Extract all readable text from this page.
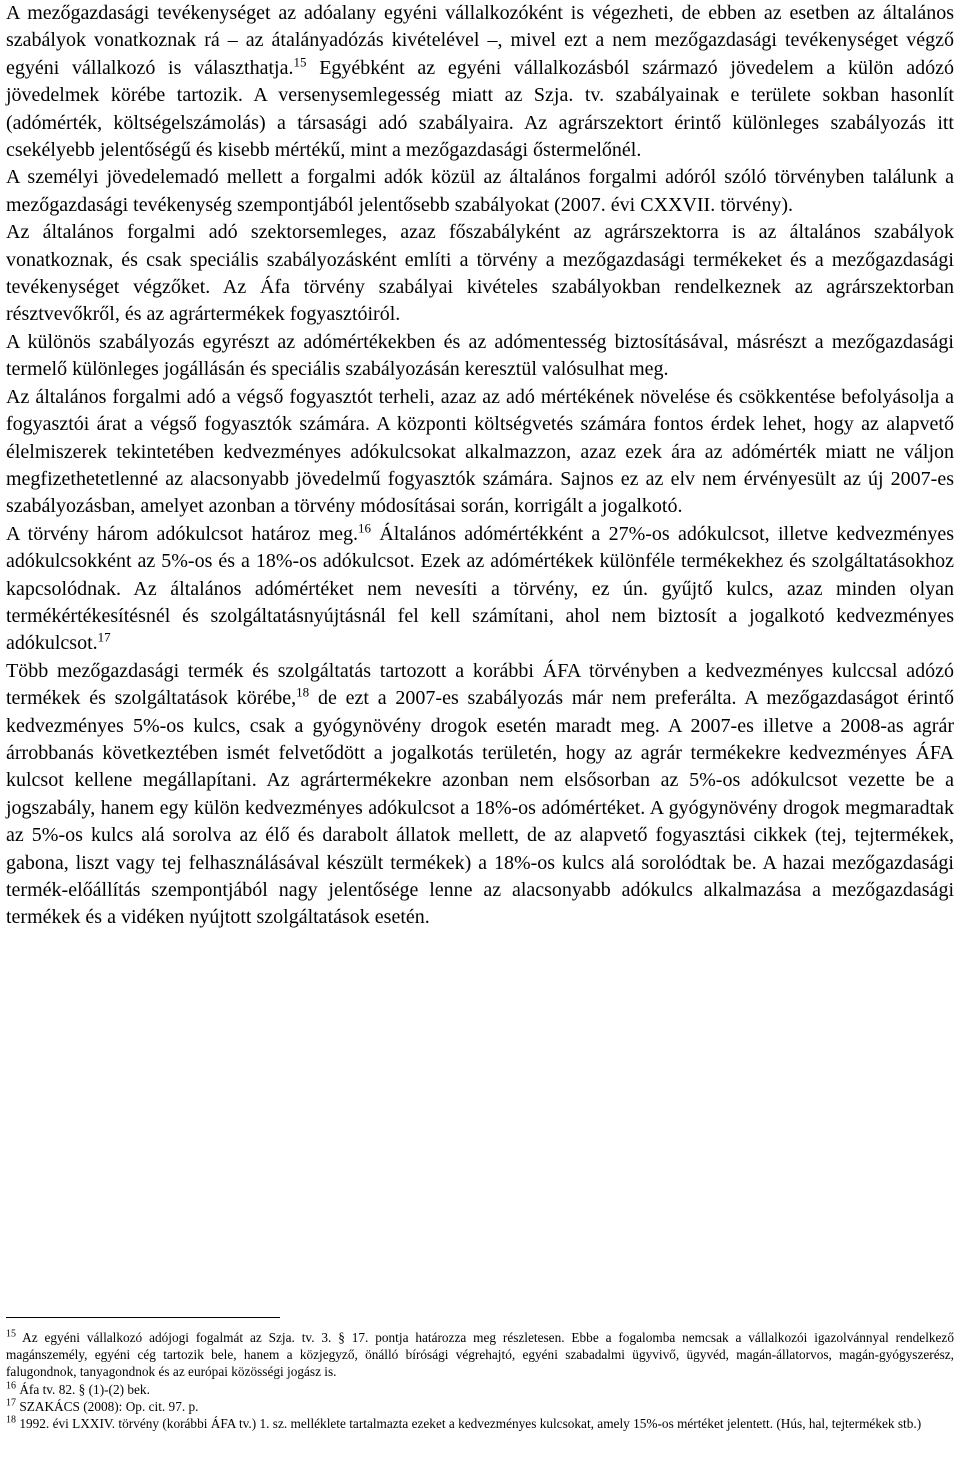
A mezőgazdasági tevékenységet az adóalany egyéni vállalkozóként is végezheti, de ebben az esetben az általános szabályok vonatkoznak rá – az átalányadózás kivételével –, mivel ezt a nem mezőgazdasági tevékenységet végző egyéni vállalkozó is választhatja.$^{15}$ Egyébként az egyéni vállalkozásból származó jövedelem a külön adózó jövedelmek körébe tartozik. A versenysemlegesség miatt az Szja. tv. szabályainak e területe sokban hasonlít (adómérték, költségelszámolás) a társasági adó szabályaira. Az agrárszektort érintő különleges szabályozás itt csekélyebb jelentőségű és kisebb mértékű, mint a mezőgazdasági őstermelőnél.

A személyi jövedelemadó mellett a forgalmi adók közül az általános forgalmi adóról szóló törvényben találunk a mezőgazdasági tevékenység szempontjából jelentősebb szabályokat (2007. évi CXXVII. törvény).

Az általános forgalmi adó szektorsemleges, azaz főszabályként az agrárszektorra is az általános szabályok vonatkoznak, és csak speciális szabályozásként említi a törvény a mezőgazdasági termékeket és a mezőgazdasági tevékenységet végzőket. Az Áfa törvény szabályai kivételes szabályokban rendelkeznek az agrárszektorban résztvevőkről, és az agrártermékek fogyasztóiról.

A különös szabályozás egyrészt az adómértékekben és az adómentesség biztosításával, másrészt a mezőgazdasági termelő különleges jogállásán és speciális szabályozásán keresztül valósulhat meg.

Az általános forgalmi adó a végső fogyasztót terheli, azaz az adó mértékének növelése és csökkentése befolyásolja a fogyasztói árat a végső fogyasztók számára. A központi költségvetés számára fontos érdek lehet, hogy az alapvető élelmiszerek tekintetében kedvezményes adókulcsokat alkalmazzon, azaz ezek ára az adómérték miatt ne váljon megfizethetetlenné az alacsonyabb jövedelmű fogyasztók számára. Sajnos ez az elv nem érvényesült az új 2007-es szabályozásban, amelyet azonban a törvény módosításai során, korrigált a jogalkotó.

A törvény három adókulcsot határoz meg.$^{16}$ Általános adómértékként a 27%-os adókulcsot, illetve kedvezményes adókulcsokként az 5%-os és a 18%-os adókulcsot. Ezek az adómértékek különféle termékekhez és szolgáltatásokhoz kapcsolódnak. Az általános adómértéket nem nevesíti a törvény, ez ún. gyűjtő kulcs, azaz minden olyan termékértékesítésnél és szolgáltatásnyújtásnál fel kell számítani, ahol nem biztosít a jogalkotó kedvezményes adókulcsot.$^{17}$

Több mezőgazdasági termék és szolgáltatás tartozott a korábbi ÁFA törvényben a kedvezményes kulccsal adózó termékek és szolgáltatások körébe,$^{18}$ de ezt a 2007-es szabályozás már nem preferálta. A mezőgazdaságot érintő kedvezményes 5%-os kulcs, csak a gyógynövény drogok esetén maradt meg. A 2007-es illetve a 2008-as agrár árrobbanás következtében ismét felvetődött a jogalkotás területén, hogy az agrár termékekre kedvezményes ÁFA kulcsot kellene megállapítani. Az agrártermékekre azonban nem elsősorban az 5%-os adókulcsot vezette be a jogszabály, hanem egy külön kedvezményes adókulcsot a 18%-os adómértéket. A gyógynövény drogok megmaradtak az 5%-os kulcs alá sorolva az élő és darabolt állatok mellett, de az alapvető fogyasztási cikkek (tej, tejtermékek, gabona, liszt vagy tej felhasználásával készült termékek) a 18%-os kulcs alá sorolódtak be. A hazai mezőgazdasági termék-előállítás szempontjából nagy jelentősége lenne az alacsonyabb adókulcs alkalmazása a mezőgazdasági termékek és a vidéken nyújtott szolgáltatások esetén.

$^{15}$ Az egyéni vállalkozó adójogi fogalmát az Szja. tv. 3. § 17. pontja határozza meg részletesen. Ebbe a fogalomba nemcsak a vállalkozói igazolvánnyal rendelkező magánszemély, egyéni cég tartozik bele, hanem a közjegyző, önálló bírósági végrehajtó, egyéni szabadalmi ügyvivő, ügyvéd, magán-állatorvos, magán-gyógyszerész, falugondnok, tanyagondnok és az európai közösségi jogász is.

$^{16}$ Áfa tv. 82. § (1)-(2) bek.

$^{17}$ SZAKÁCS (2008): Op. cit. 97. p.

$^{18}$ 1992. évi LXXIV. törvény (korábbi ÁFA tv.) 1. sz. melléklete tartalmazta ezeket a kedvezményes kulcsokat, amely 15%-os mértéket jelentett. (Hús, hal, tejtermékek stb.)
